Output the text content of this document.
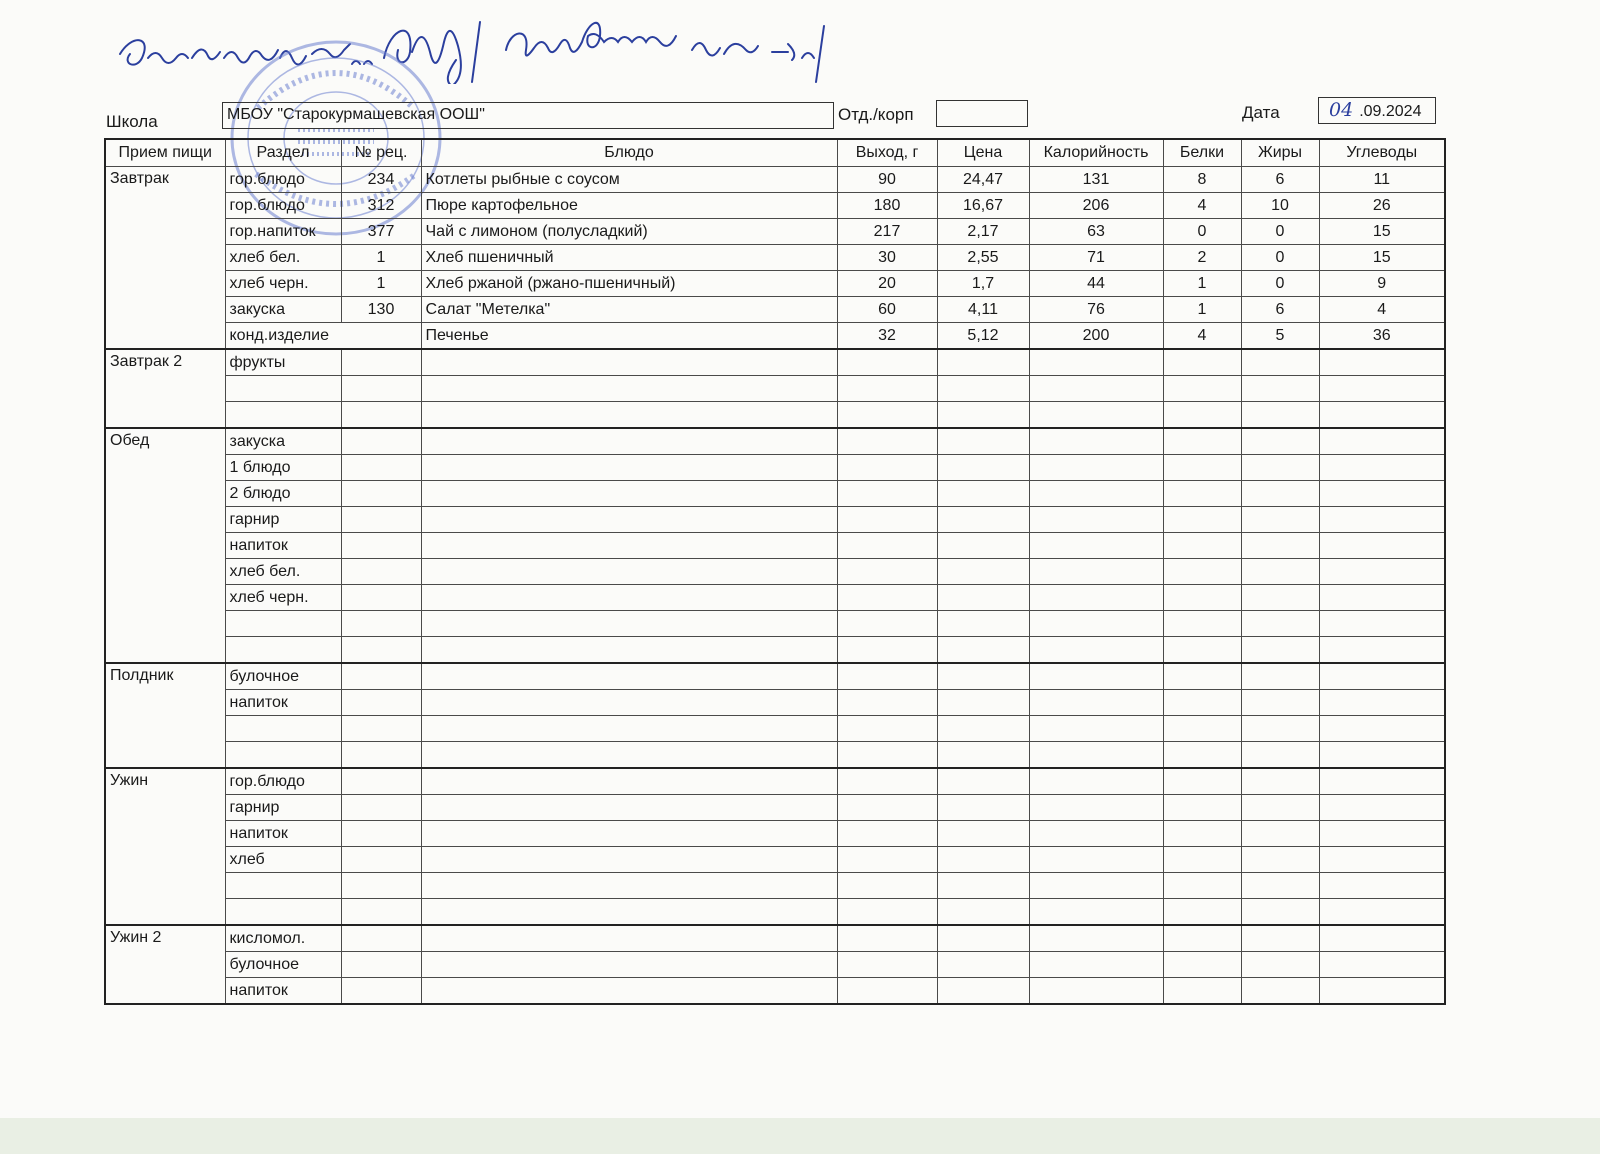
Школа	МБОУ "Старокурмашевская ООШ"	Отд./корп	Дата	04 .09.2024
Прием пищи	Раздел	№ рец.	Блюдо	Выход, г	Цена	Калорийность	Белки	Жиры	Углеводы
Завтрак	гор.блюдо	234	Котлеты рыбные с соусом	90	24,47	131	8	6	11
	гор.блюдо	312	Пюре картофельное	180	16,67	206	4	10	26
	гор.напиток	377	Чай с лимоном (полусладкий)	217	2,17	63	0	0	15
	хлеб бел.	1	Хлеб пшеничный	30	2,55	71	2	0	15
	хлеб черн.	1	Хлеб ржаной (ржано-пшеничный)	20	1,7	44	1	0	9
	закуска	130	Салат "Метелка"	60	4,11	76	1	6	4
	конд.изделие		Печенье	32	5,12	200	4	5	36
Завтрак 2	фрукты								

Обед	закуска								
	1 блюдо								
	2 блюдо								
	гарнир								
	напиток								
	хлеб бел.								
	хлеб черн.								

Полдник	булочное								
	напиток								

Ужин	гор.блюдо								
	гарнир								
	напиток								
	хлеб								

Ужин 2	кисломол.								
	булочное								
	напиток								
